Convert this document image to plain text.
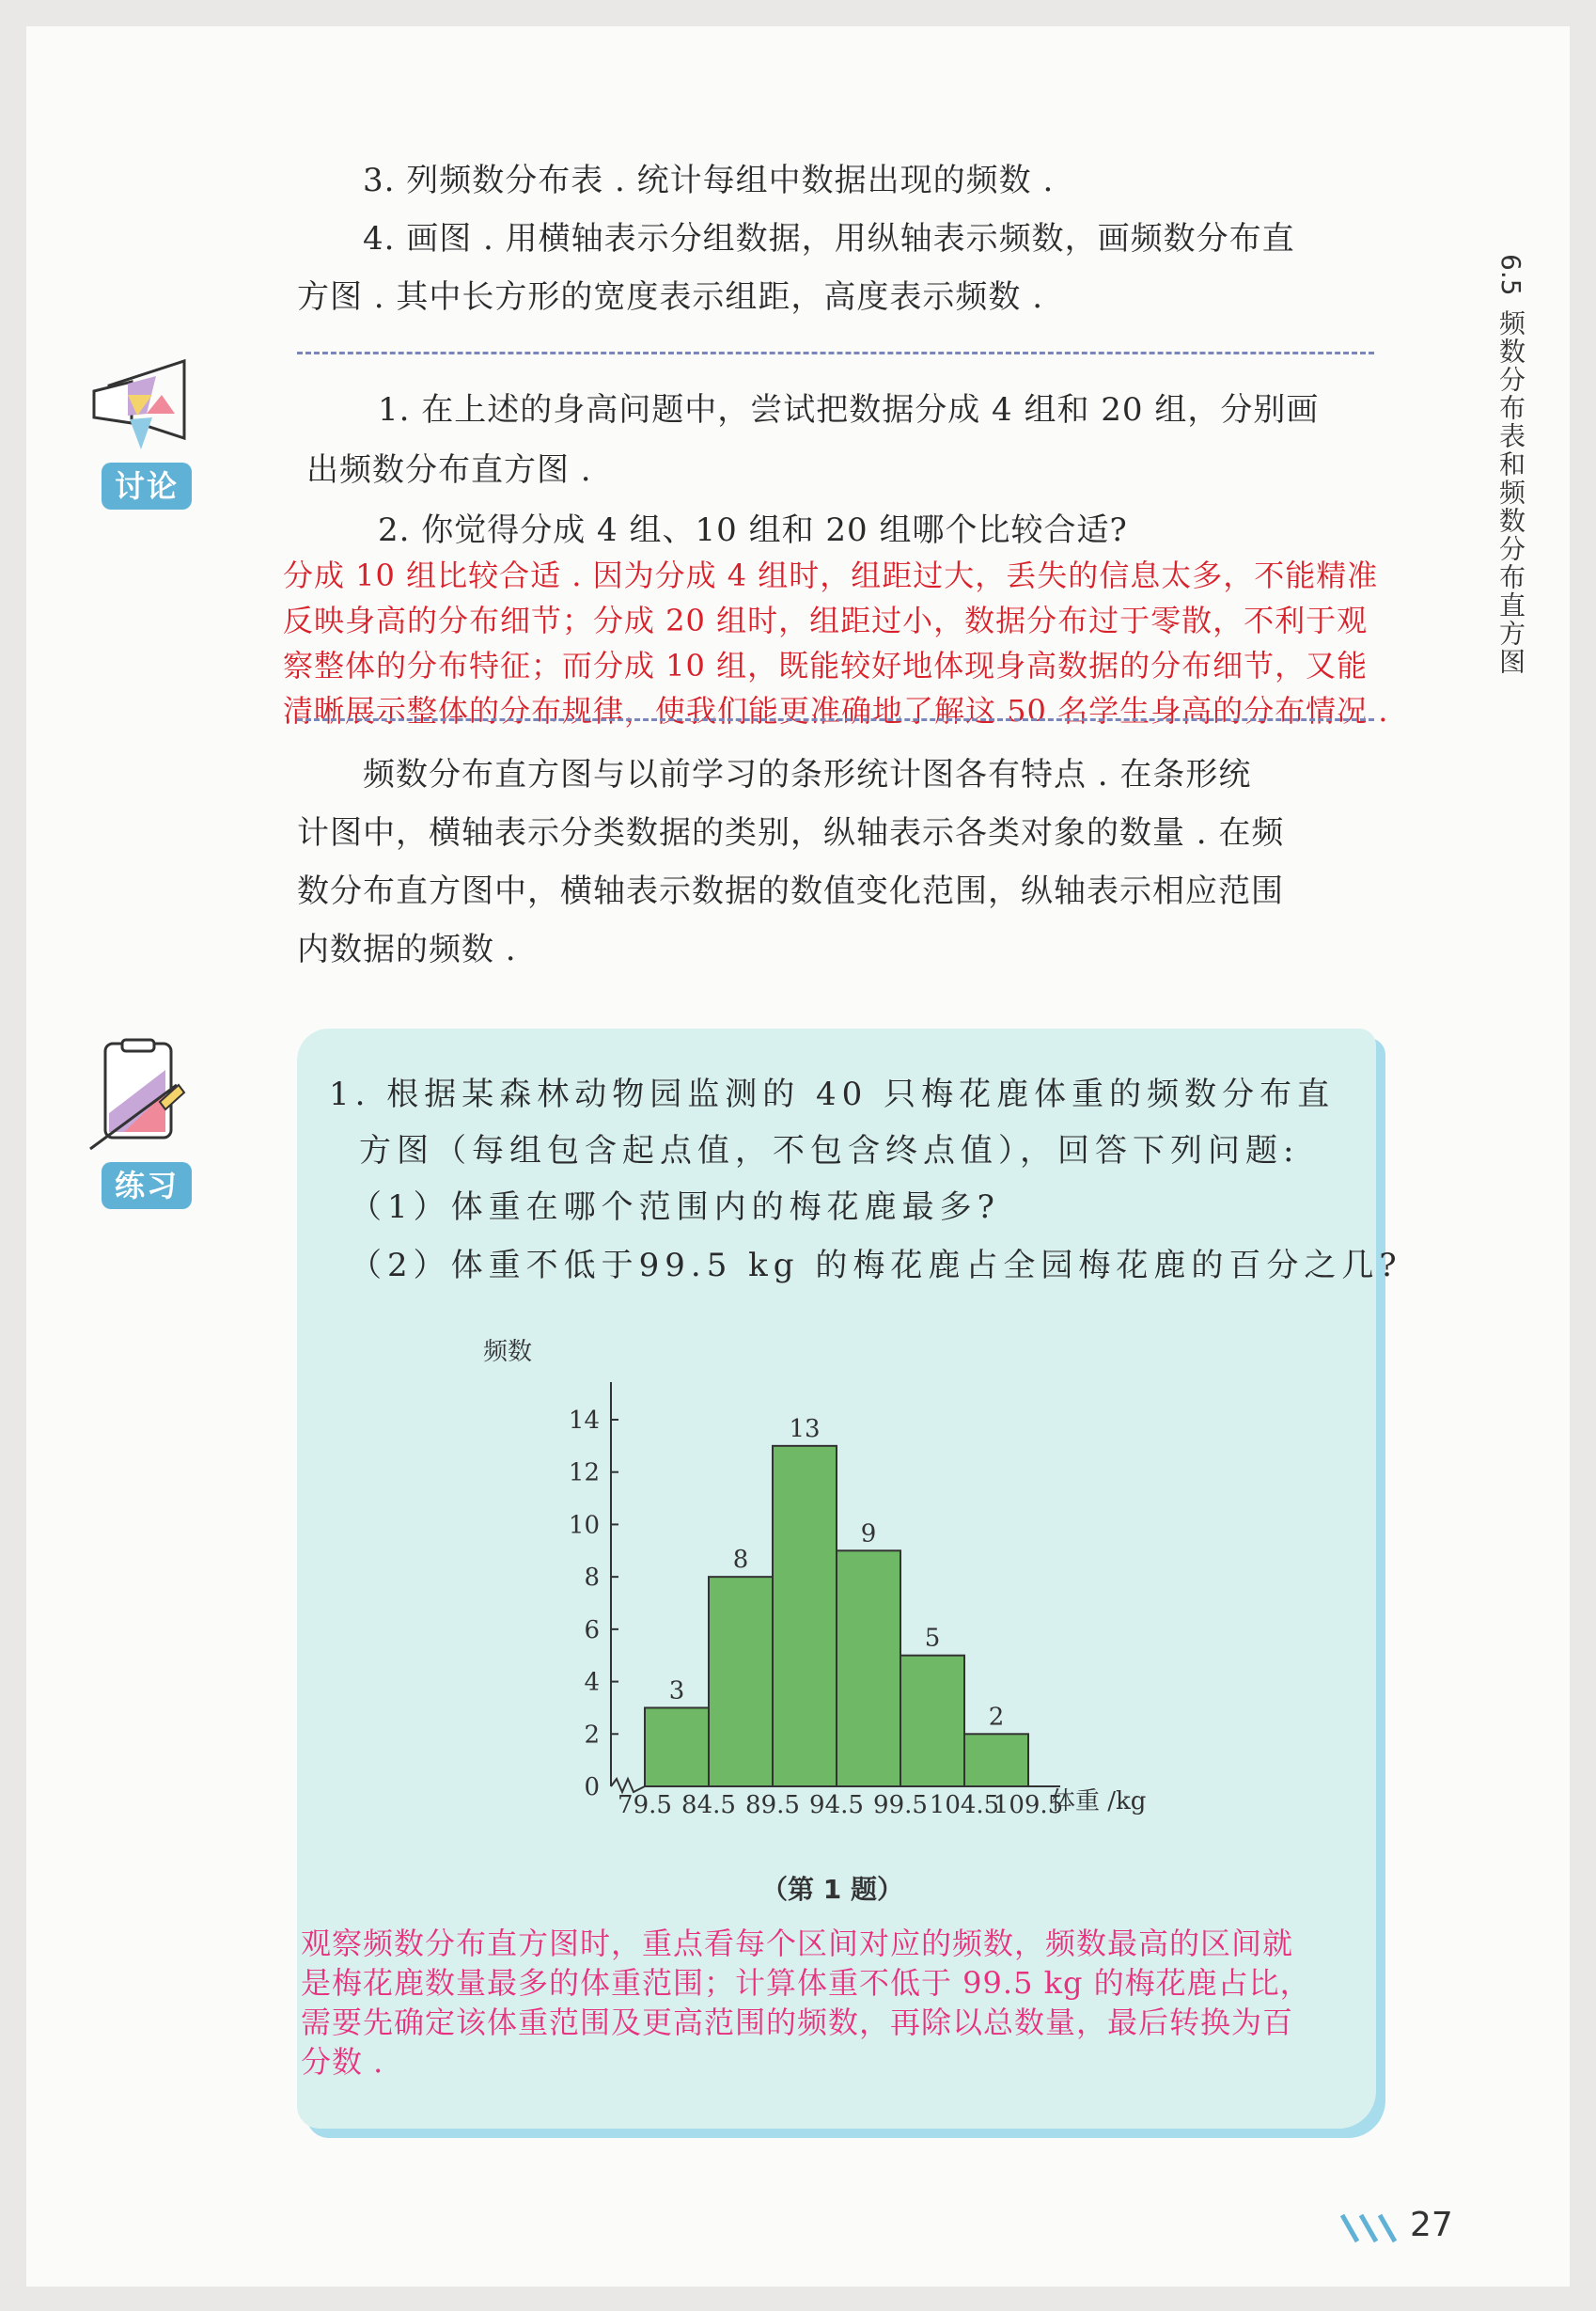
6.5
频数分布表和频数分布直方图
3. 列频数分布表 . 统计每组中数据出现的频数 .
4. 画图 . 用横轴表示分组数据，用纵轴表示频数，画频数分布直
方图 . 其中长方形的宽度表示组距，高度表示频数 .
讨论
1. 在上述的身高问题中，尝试把数据分成 4 组和 20 组，分别画
出频数分布直方图 .
2. 你觉得分成 4 组、10 组和 20 组哪个比较合适?
分成 10 组比较合适 . 因为分成 4 组时，组距过大，丢失的信息太多，不能精准
反映身高的分布细节；分成 20 组时，组距过小，数据分布过于零散，不利于观
察整体的分布特征；而分成 10 组，既能较好地体现身高数据的分布细节，又能
清晰展示整体的分布规律，使我们能更准确地了解这 50 名学生身高的分布情况 .
频数分布直方图与以前学习的条形统计图各有特点 . 在条形统
计图中，横轴表示分类数据的类别，纵轴表示各类对象的数量 . 在频
数分布直方图中，横轴表示数据的数值变化范围，纵轴表示相应范围
内数据的频数 .
练习
1. 根据某森林动物园监测的 40 只梅花鹿体重的频数分布直
方图（每组包含起点值，不包含终点值），回答下列问题:
（1）体重在哪个范围内的梅花鹿最多?
（2）体重不低于99.5 kg 的梅花鹿占全园梅花鹿的百分之几?
频数
体重 /kg
0
2
4
6
8
10
12
14
3
8
13
9
5
2
79.5 84.5 89.5 94.5 99.5 104.5
109.5
（第 1 题）
观察频数分布直方图时，重点看每个区间对应的频数，频数最高的区间就
是梅花鹿数量最多的体重范围；计算体重不低于 99.5 kg 的梅花鹿占比，
需要先确定该体重范围及更高范围的频数，再除以总数量，最后转换为百
分数 .
27
